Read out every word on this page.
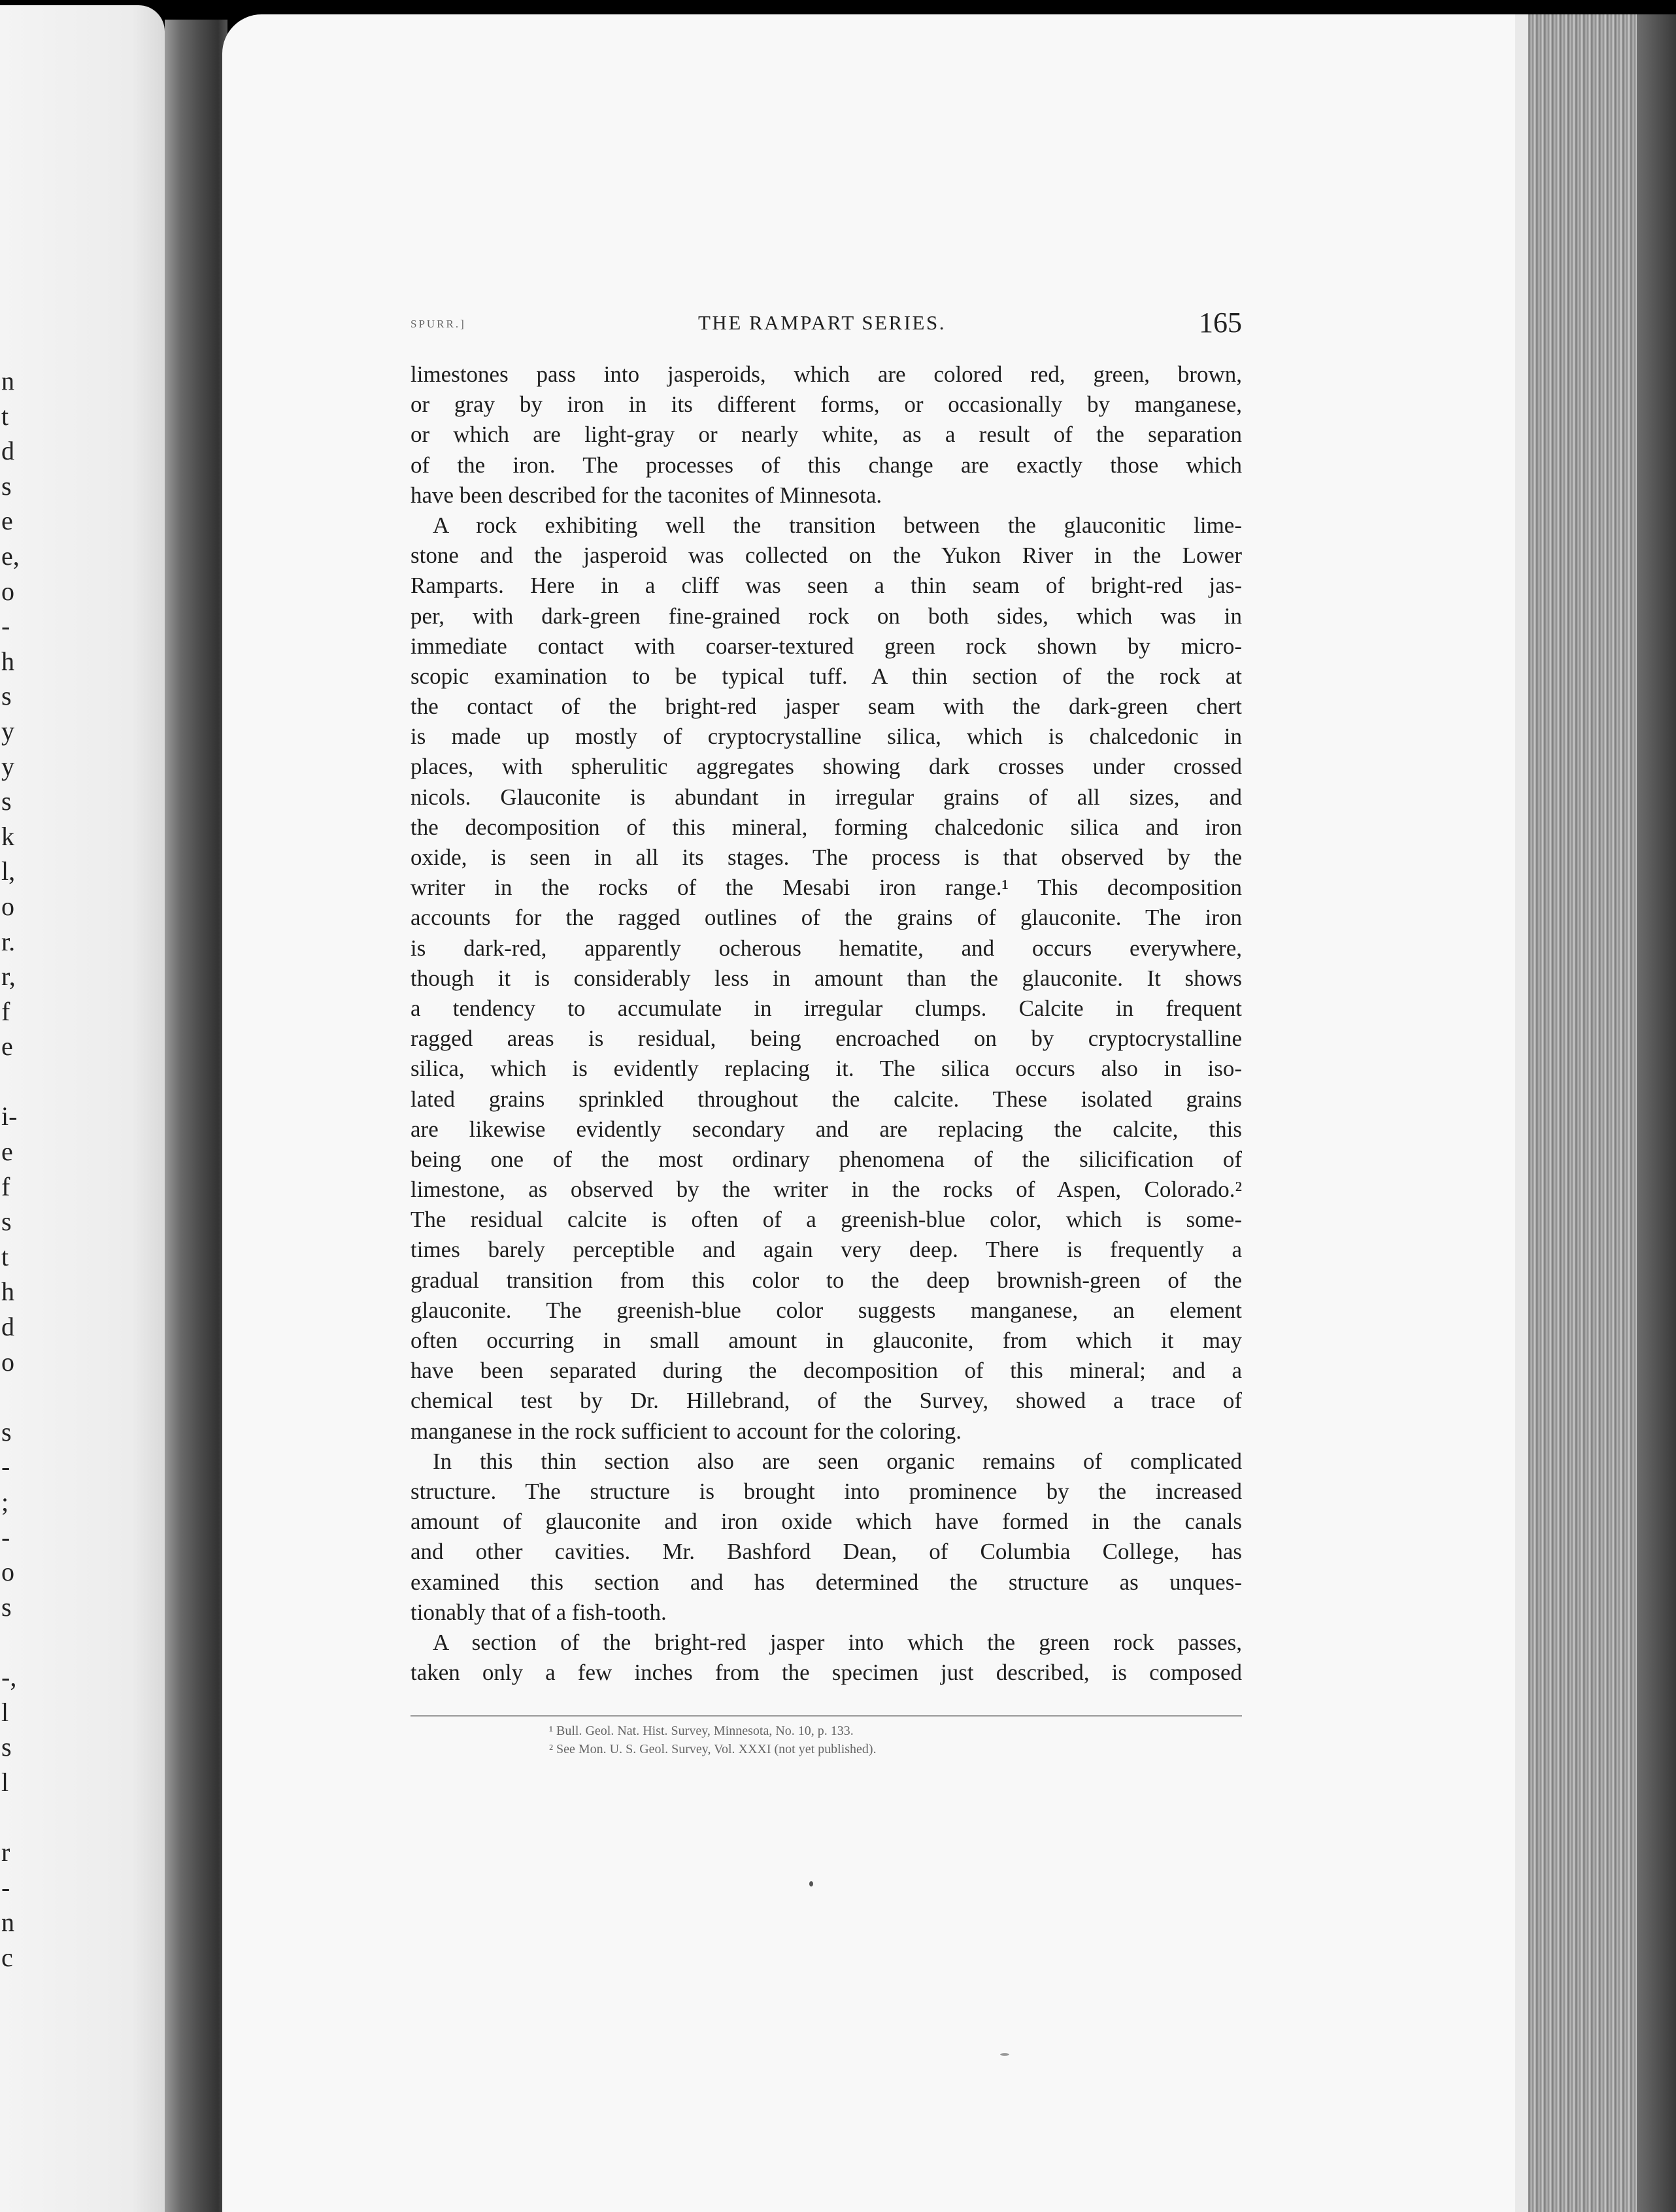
n
t
d
s
e
e,
o
-
h
s
y
y
s
k
l,
o
r.
r,
f
e
i-
e
f
s
t
h
d
o
s
-
;
-
o
s
-,
l
s
l
r
-
n
c
SPURR.]	THE RAMPART SERIES.	165
limestones pass into jasperoids, which are colored red, green, brown,
or gray by iron in its different forms, or occasionally by manganese,
or which are light-gray or nearly white, as a result of the separation
of the iron. The processes of this change are exactly those which
have been described for the taconites of Minnesota.
A rock exhibiting well the transition between the glauconitic lime-
stone and the jasperoid was collected on the Yukon River in the Lower
Ramparts. Here in a cliff was seen a thin seam of bright-red jas-
per, with dark-green fine-grained rock on both sides, which was in
immediate contact with coarser-textured green rock shown by micro-
scopic examination to be typical tuff. A thin section of the rock at
the contact of the bright-red jasper seam with the dark-green chert
is made up mostly of cryptocrystalline silica, which is chalcedonic in
places, with spherulitic aggregates showing dark crosses under crossed
nicols. Glauconite is abundant in irregular grains of all sizes, and
the decomposition of this mineral, forming chalcedonic silica and iron
oxide, is seen in all its stages. The process is that observed by the
writer in the rocks of the Mesabi iron range.¹ This decomposition
accounts for the ragged outlines of the grains of glauconite. The iron
is dark-red, apparently ocherous hematite, and occurs everywhere,
though it is considerably less in amount than the glauconite. It shows
a tendency to accumulate in irregular clumps. Calcite in frequent
ragged areas is residual, being encroached on by cryptocrystalline
silica, which is evidently replacing it. The silica occurs also in iso-
lated grains sprinkled throughout the calcite. These isolated grains
are likewise evidently secondary and are replacing the calcite, this
being one of the most ordinary phenomena of the silicification of
limestone, as observed by the writer in the rocks of Aspen, Colorado.²
The residual calcite is often of a greenish-blue color, which is some-
times barely perceptible and again very deep. There is frequently a
gradual transition from this color to the deep brownish-green of the
glauconite. The greenish-blue color suggests manganese, an element
often occurring in small amount in glauconite, from which it may
have been separated during the decomposition of this mineral; and a
chemical test by Dr. Hillebrand, of the Survey, showed a trace of
manganese in the rock sufficient to account for the coloring.
In this thin section also are seen organic remains of complicated
structure. The structure is brought into prominence by the increased
amount of glauconite and iron oxide which have formed in the canals
and other cavities. Mr. Bashford Dean, of Columbia College, has
examined this section and has determined the structure as unques-
tionably that of a fish-tooth.
A section of the bright-red jasper into which the green rock passes,
taken only a few inches from the specimen just described, is composed
¹ Bull. Geol. Nat. Hist. Survey, Minnesota, No. 10, p. 133.
² See Mon. U. S. Geol. Survey, Vol. XXXI (not yet published).
